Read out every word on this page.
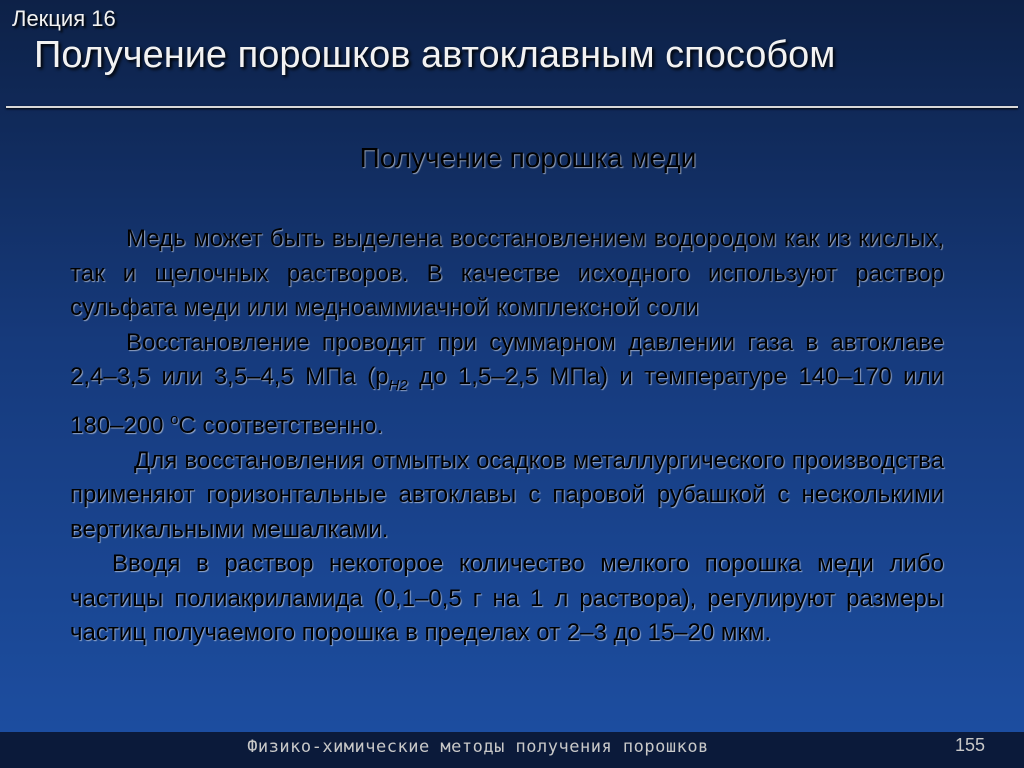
Лекция 16
Получение порошков автоклавным способом
Получение порошка меди

Медь может быть выделена восстановлением водородом как из кислых, так и щелочных растворов. В качестве исходного используют раствор сульфата меди или медноаммиачной комплексной соли

Восстановление проводят при суммарном давлении газа в автоклаве 2,4–3,5 или 3,5–4,5 МПа ($р_{Н2}$ до 1,5–2,5 МПа) и температуре 140–170 или 180–200 $^о$С соответственно.

Для восстановления отмытых осадков металлургического производства применяют горизонтальные автоклавы с паровой рубашкой с несколькими вертикальными мешалками.

Вводя в раствор некоторое количество мелкого порошка меди либо частицы полиакриламида (0,1–0,5 г на 1 л раствора), регулируют размеры частиц получаемого порошка в пределах от 2–3 до 15–20 мкм.

Физико-химические методы получения порошков	155
